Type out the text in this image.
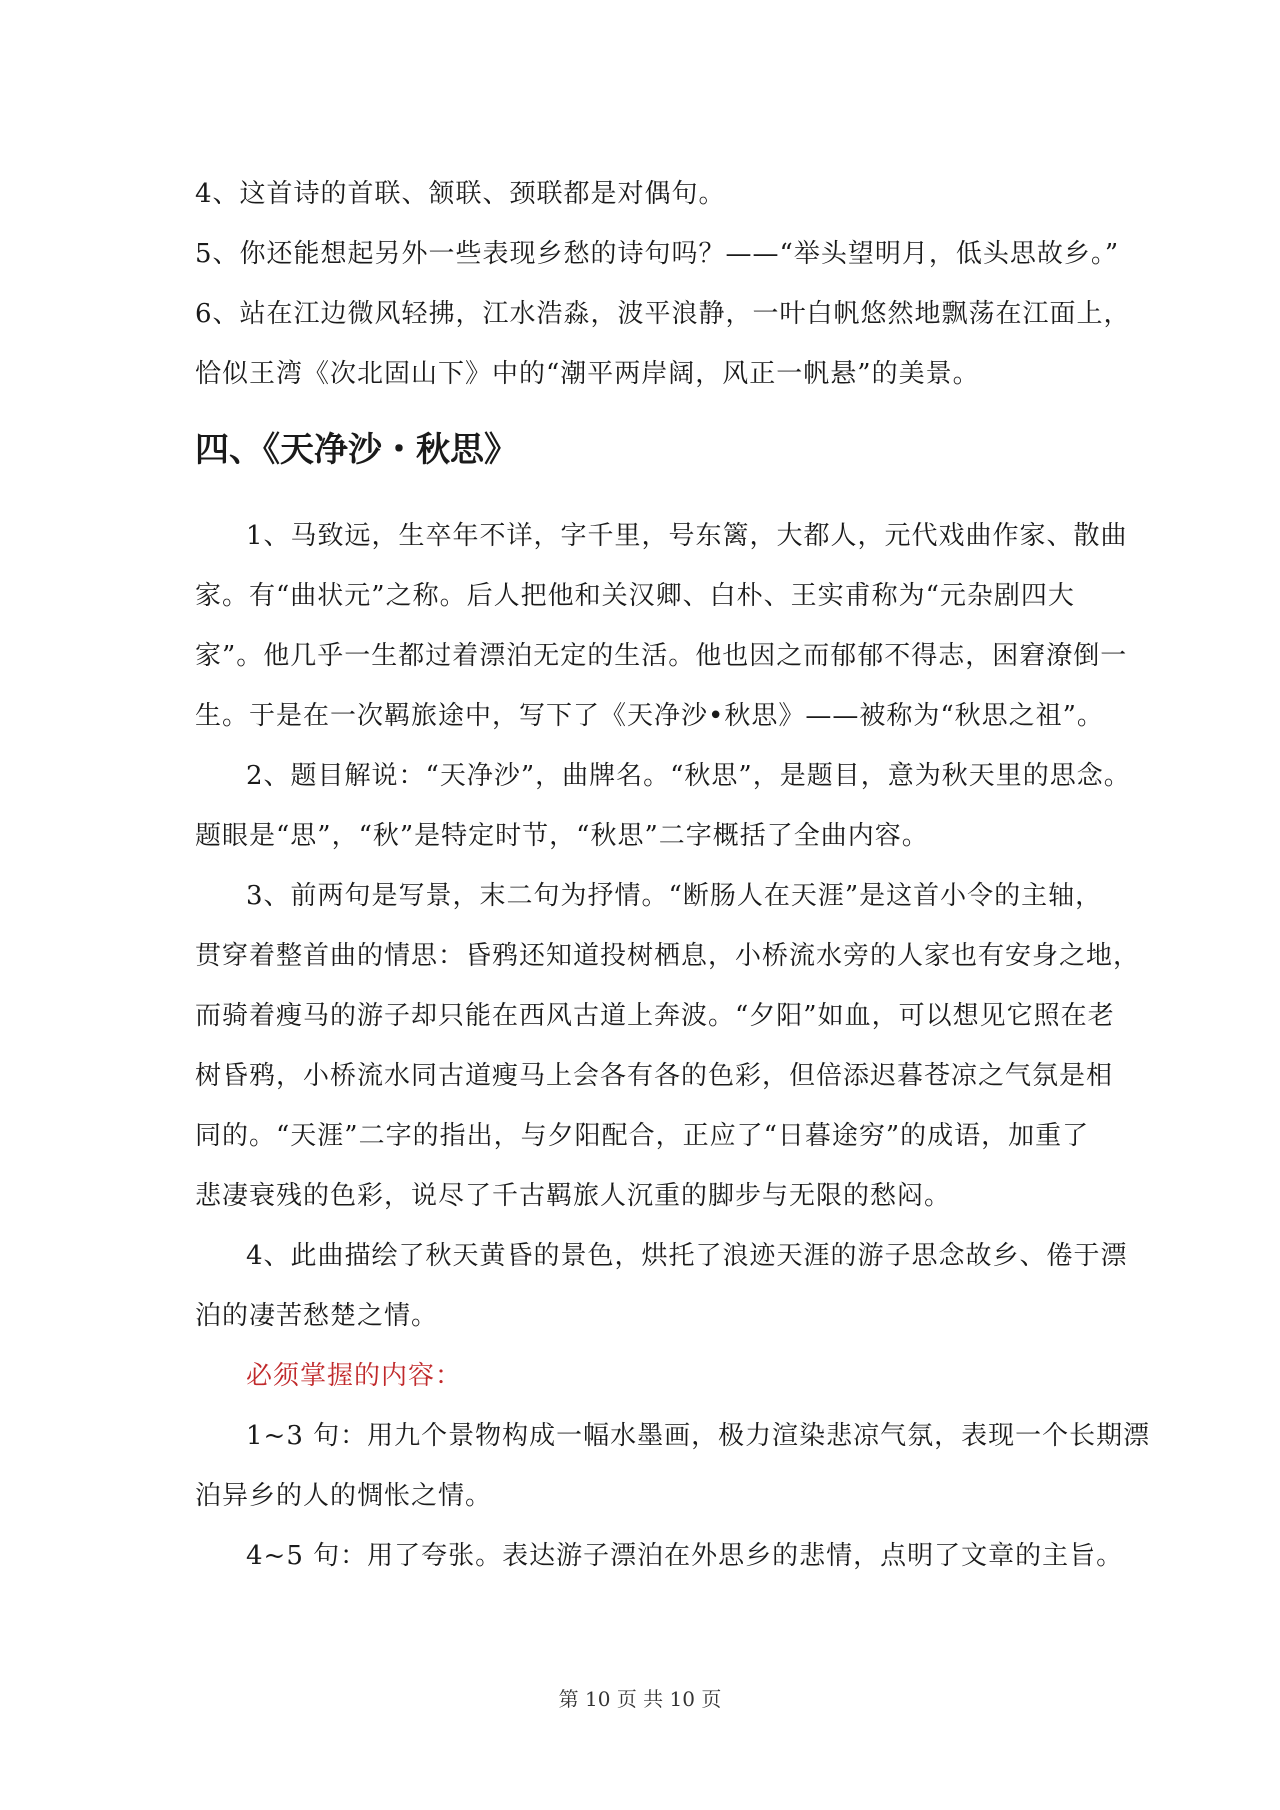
4、这首诗的首联、颔联、颈联都是对偶句。
5、你还能想起另外一些表现乡愁的诗句吗？——“举头望明月，低头思故乡。”
6、站在江边微风轻拂，江水浩淼，波平浪静，一叶白帆悠然地飘荡在江面上，
恰似王湾《次北固山下》中的“潮平两岸阔，风正一帆悬”的美景。
四、《天净沙・秋思》
1、马致远，生卒年不详，字千里，号东篱，大都人，元代戏曲作家、散曲
家。有“曲状元”之称。后人把他和关汉卿、白朴、王实甫称为“元杂剧四大
家”。他几乎一生都过着漂泊无定的生活。他也因之而郁郁不得志，困窘潦倒一
生。于是在一次羁旅途中，写下了《天净沙•秋思》——被称为“秋思之祖”。
2、题目解说：“天净沙”，曲牌名。“秋思”，是题目，意为秋天里的思念。
题眼是“思”，“秋”是特定时节，“秋思”二字概括了全曲内容。
3、前两句是写景，末二句为抒情。“断肠人在天涯”是这首小令的主轴，
贯穿着整首曲的情思：昏鸦还知道投树栖息，小桥流水旁的人家也有安身之地，
而骑着瘦马的游子却只能在西风古道上奔波。“夕阳”如血，可以想见它照在老
树昏鸦，小桥流水同古道瘦马上会各有各的色彩，但倍添迟暮苍凉之气氛是相
同的。“天涯”二字的指出，与夕阳配合，正应了“日暮途穷”的成语，加重了
悲凄衰残的色彩，说尽了千古羁旅人沉重的脚步与无限的愁闷。
4、此曲描绘了秋天黄昏的景色，烘托了浪迹天涯的游子思念故乡、倦于漂
泊的凄苦愁楚之情。
必须掌握的内容：
1~3 句：用九个景物构成一幅水墨画，极力渲染悲凉气氛，表现一个长期漂
泊异乡的人的惆怅之情。
4~5 句：用了夸张。表达游子漂泊在外思乡的悲情，点明了文章的主旨。
第 10 页 共 10 页
